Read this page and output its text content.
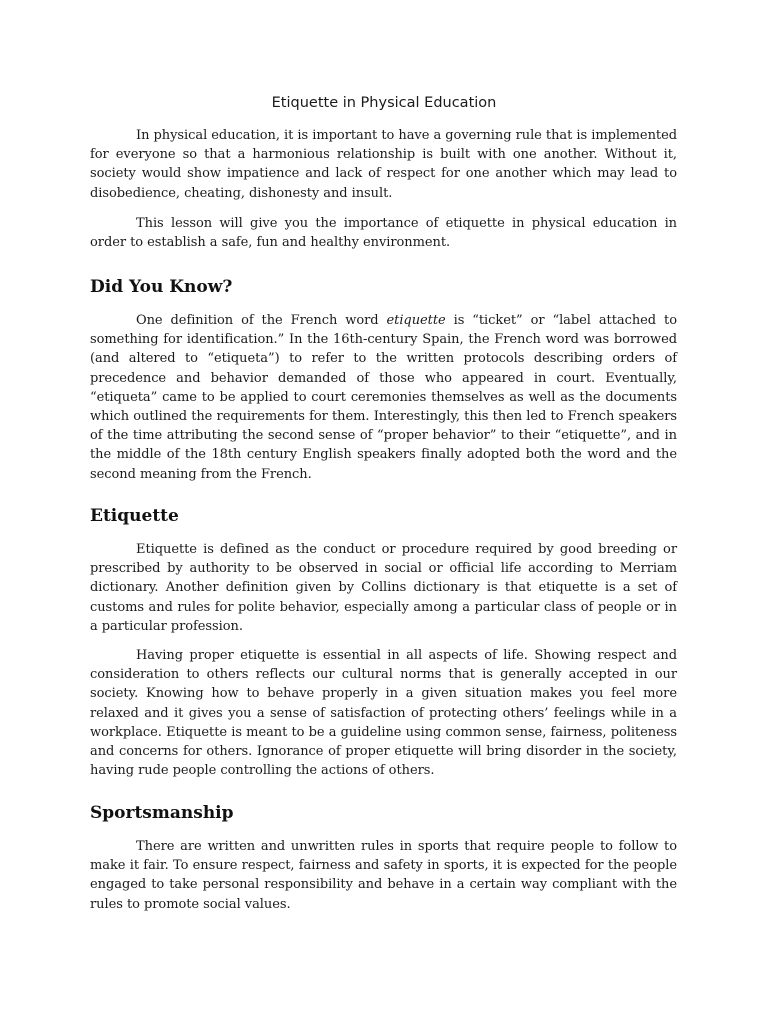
Etiquette in Physical Education

In physical education, it is important to have a governing rule that is implemented for everyone so that a harmonious relationship is built with one another. Without it, society would show impatience and lack of respect for one another which may lead to disobedience, cheating, dishonesty and insult.

This lesson will give you the importance of etiquette in physical education in order to establish a safe, fun and healthy environment.

Did You Know?

One definition of the French word etiquette is “ticket” or “label attached to something for identification.” In the 16th-century Spain, the French word was borrowed (and altered to “etiqueta”) to refer to the written protocols describing orders of precedence and behavior demanded of those who appeared in court. Eventually, “etiqueta” came to be applied to court ceremonies themselves as well as the documents which outlined the requirements for them. Interestingly, this then led to French speakers of the time attributing the second sense of “proper behavior” to their “etiquette”, and in the middle of the 18th century English speakers finally adopted both the word and the second meaning from the French.

Etiquette

Etiquette is defined as the conduct or procedure required by good breeding or prescribed by authority to be observed in social or official life according to Merriam dictionary. Another definition given by Collins dictionary is that etiquette is a set of customs and rules for polite behavior, especially among a particular class of people or in a particular profession.

Having proper etiquette is essential in all aspects of life. Showing respect and consideration to others reflects our cultural norms that is generally accepted in our society. Knowing how to behave properly in a given situation makes you feel more relaxed and it gives you a sense of satisfaction of protecting others’ feelings while in a workplace. Etiquette is meant to be a guideline using common sense, fairness, politeness and concerns for others. Ignorance of proper etiquette will bring disorder in the society, having rude people controlling the actions of others.

Sportsmanship

There are written and unwritten rules in sports that require people to follow to make it fair. To ensure respect, fairness and safety in sports, it is expected for the people engaged to take personal responsibility and behave in a certain way compliant with the rules to promote social values.
